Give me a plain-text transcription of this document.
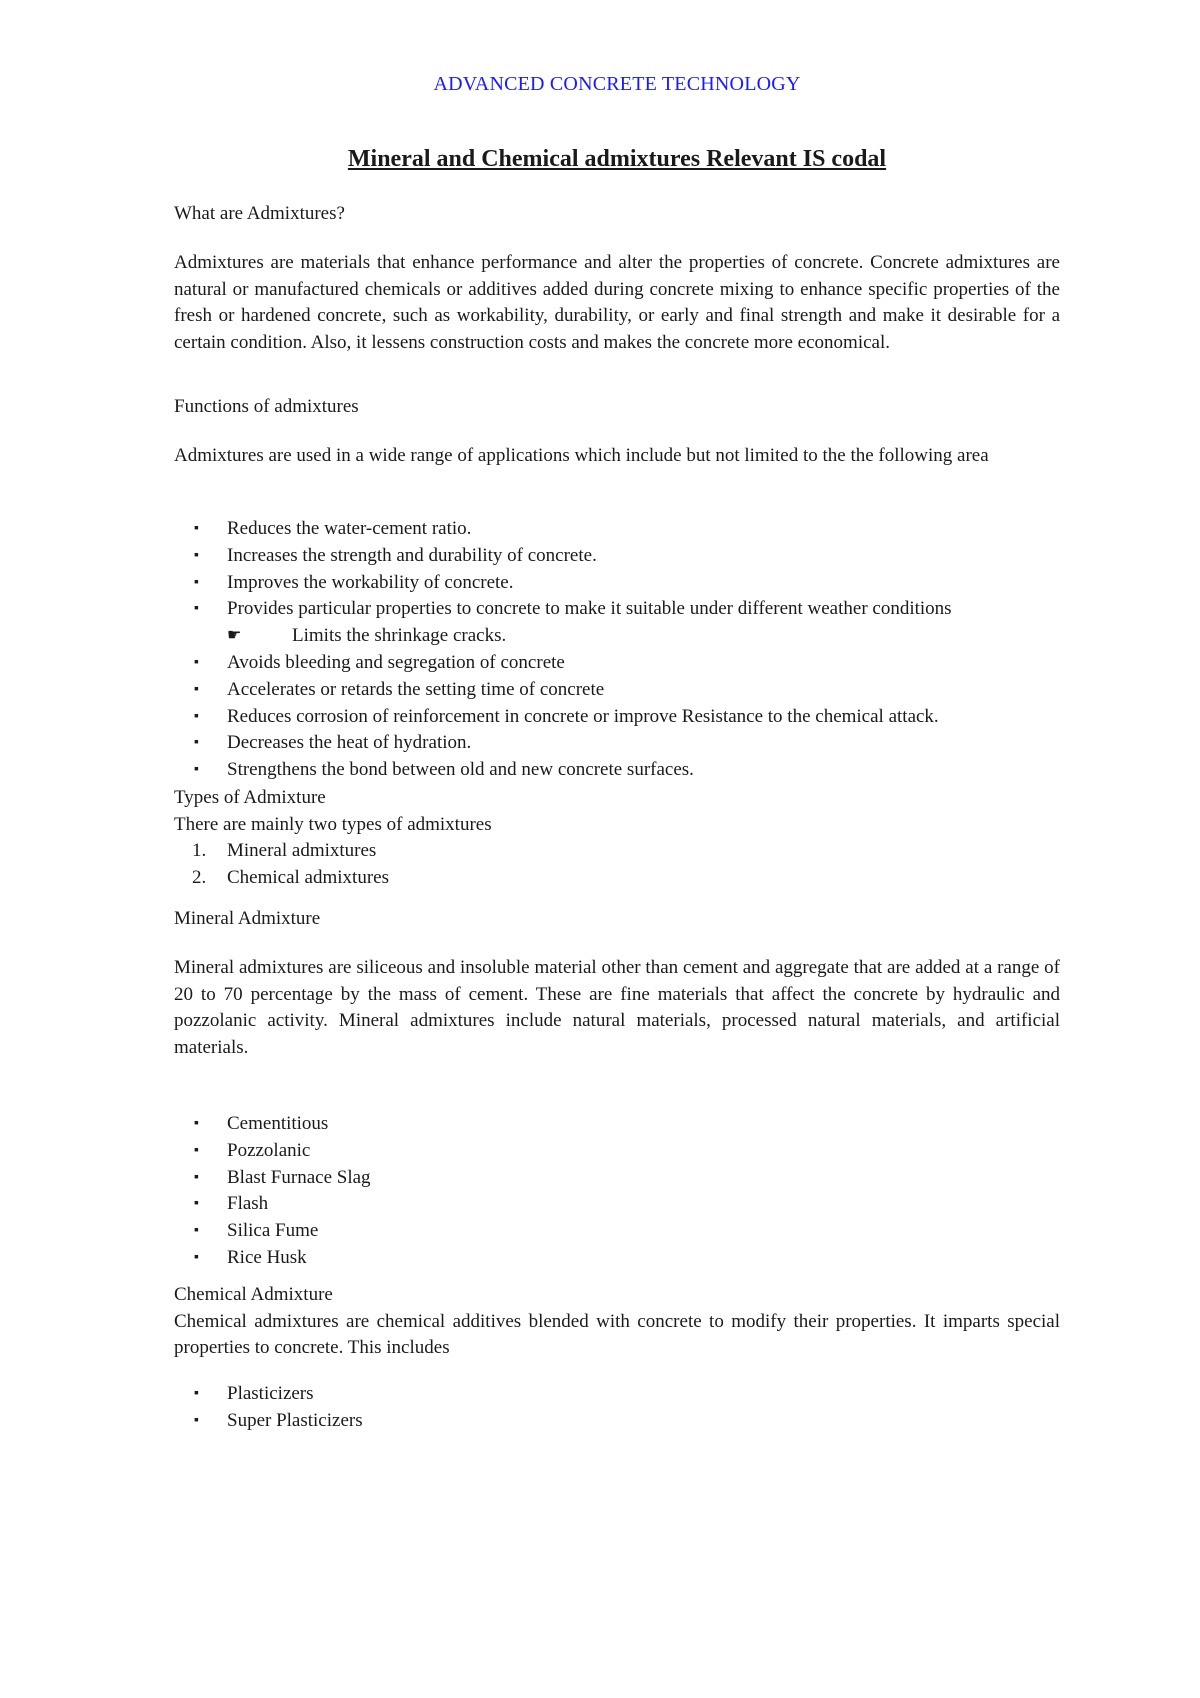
ADVANCED CONCRETE TECHNOLOGY
Mineral and Chemical admixtures Relevant IS codal

What are Admixtures?

Admixtures are materials that enhance performance and alter the properties of concrete. Concrete admixtures are natural or manufactured chemicals or additives added during concrete mixing to enhance specific properties of the fresh or hardened concrete, such as workability, durability, or early and final strength and make it desirable for a certain condition. Also, it lessens construction costs and makes the concrete more economical.

Functions of admixtures

Admixtures are used in a wide range of applications which include but not limited to the the following area

▪ Reduces the water-cement ratio.
▪ Increases the strength and durability of concrete.
▪ Improves the workability of concrete.
▪ Provides particular properties to concrete to make it suitable under different weather conditions
☛	Limits the shrinkage cracks.
▪ Avoids bleeding and segregation of concrete
▪ Accelerates or retards the setting time of concrete
▪ Reduces corrosion of reinforcement in concrete or improve Resistance to the chemical attack.
▪ Decreases the heat of hydration.
▪ Strengthens the bond between old and new concrete surfaces.

Types of Admixture

There are mainly two types of admixtures

1. Mineral admixtures
2. Chemical admixtures

Mineral Admixture

Mineral admixtures are siliceous and insoluble material other than cement and aggregate that are added at a range of 20 to 70 percentage by the mass of cement. These are fine materials that affect the concrete by hydraulic and pozzolanic activity. Mineral admixtures include natural materials, processed natural materials, and artificial materials.

▪ Cementitious
▪ Pozzolanic
▪ Blast Furnace Slag
▪ Flash
▪ Silica Fume
▪ Rice Husk

Chemical Admixture

Chemical admixtures are chemical additives blended with concrete to modify their properties. It imparts special properties to concrete. This includes

▪ Plasticizers
▪ Super Plasticizers
